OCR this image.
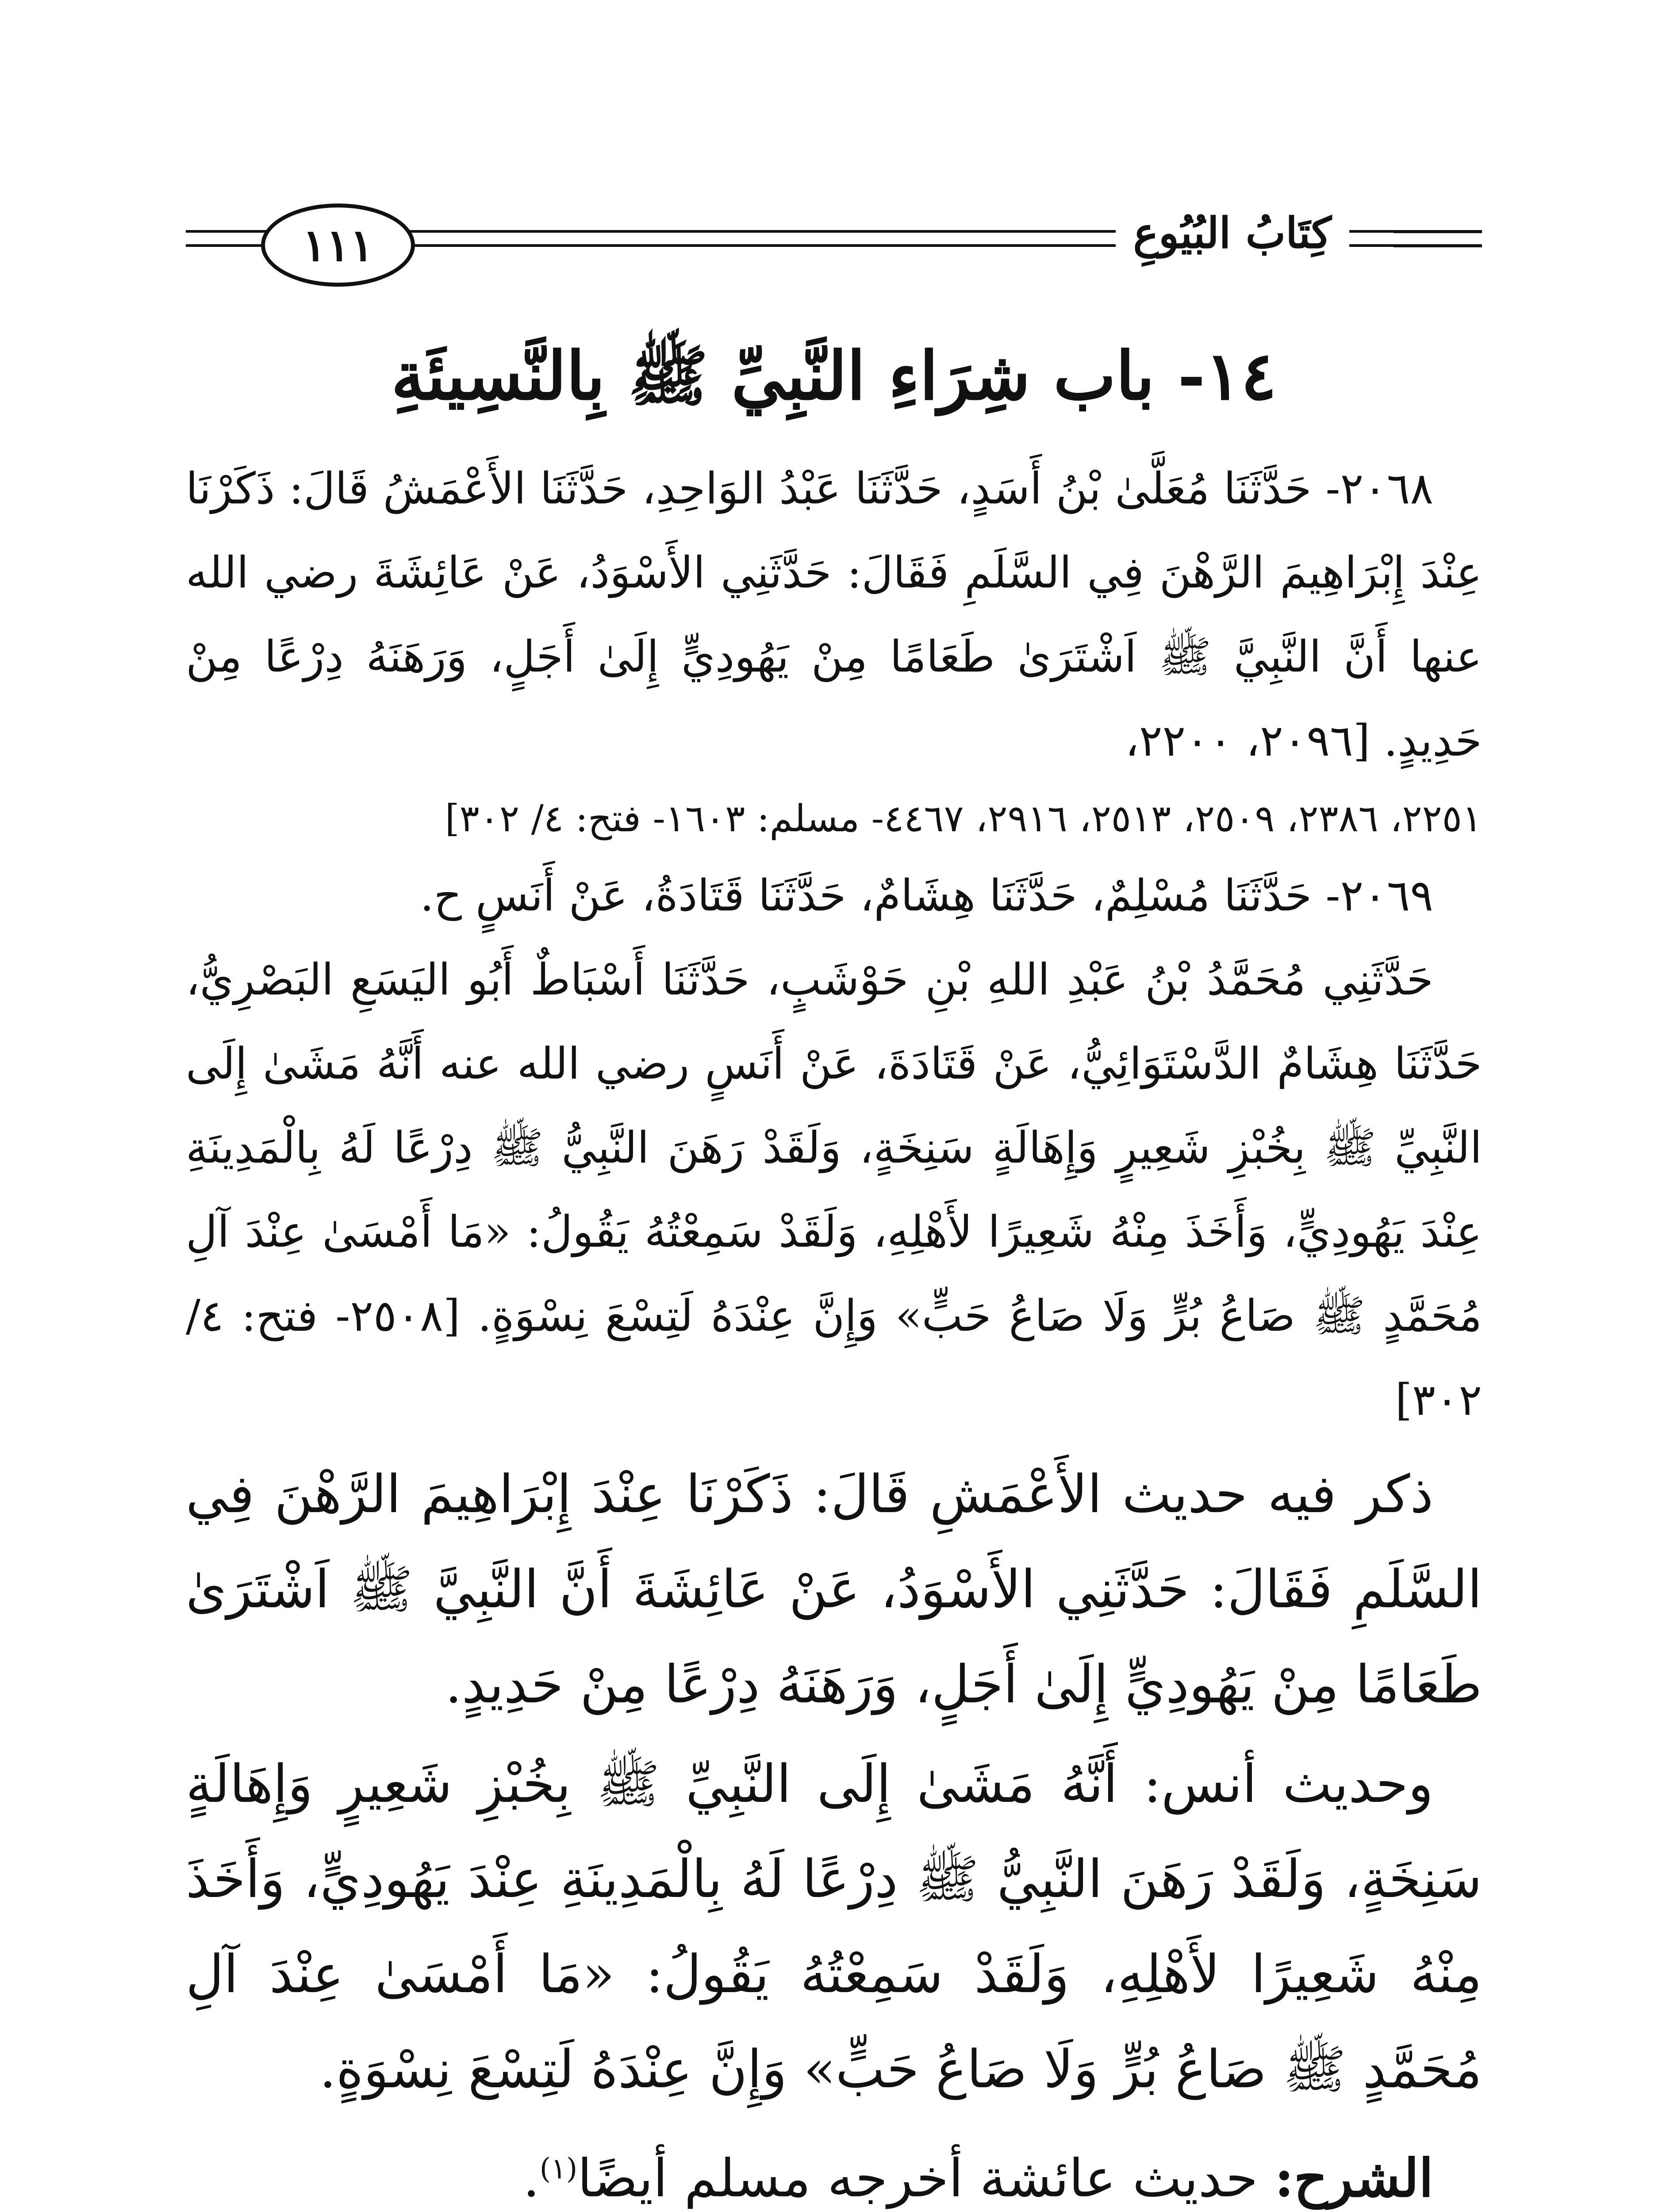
كِتَابُ البُيُوعِ
١١١
١٤- باب شِرَاءِ النَّبِيِّ ﷺ بِالنَّسِيئَةِ

٢٠٦٨- حَدَّثَنَا مُعَلَّىٰ بْنُ أَسَدٍ، حَدَّثَنَا عَبْدُ الوَاحِدِ، حَدَّثَنَا الأَعْمَشُ قَالَ: ذَكَرْنَا عِنْدَ إِبْرَاهِيمَ الرَّهْنَ فِي السَّلَمِ فَقَالَ: حَدَّثَنِي الأَسْوَدُ، عَنْ عَائِشَةَ رضي الله عنها أَنَّ النَّبِيَّ ﷺ اَشْتَرَىٰ طَعَامًا مِنْ يَهُودِيٍّ إِلَىٰ أَجَلٍ، وَرَهَنَهُ دِرْعًا مِنْ حَدِيدٍ. [٢٠٩٦، ٢٢٠٠،

٢٢٥١، ٢٣٨٦، ٢٥٠٩، ٢٥١٣، ٢٩١٦، ٤٤٦٧- مسلم: ١٦٠٣- فتح: ٤/ ٣٠٢]

٢٠٦٩- حَدَّثَنَا مُسْلِمٌ، حَدَّثَنَا هِشَامٌ، حَدَّثَنَا قَتَادَةُ، عَنْ أَنَسٍ ح.

حَدَّثَنِي مُحَمَّدُ بْنُ عَبْدِ اللهِ بْنِ حَوْشَبٍ، حَدَّثَنَا أَسْبَاطٌ أَبُو اليَسَعِ البَصْرِيُّ، حَدَّثَنَا هِشَامٌ الدَّسْتَوَائِيُّ، عَنْ قَتَادَةَ، عَنْ أَنَسٍ رضي الله عنه أَنَّهُ مَشَىٰ إِلَى النَّبِيِّ ﷺ بِخُبْزِ شَعِيرٍ وَإِهَالَةٍ سَنِخَةٍ، وَلَقَدْ رَهَنَ النَّبِيُّ ﷺ دِرْعًا لَهُ بِالْمَدِينَةِ عِنْدَ يَهُودِيٍّ، وَأَخَذَ مِنْهُ شَعِيرًا لأَهْلِهِ، وَلَقَدْ سَمِعْتُهُ يَقُولُ: «مَا أَمْسَىٰ عِنْدَ آلِ مُحَمَّدٍ ﷺ صَاعُ بُرٍّ وَلَا صَاعُ حَبٍّ» وَإِنَّ عِنْدَهُ لَتِسْعَ نِسْوَةٍ. [٢٥٠٨- فتح: ٤/ ٣٠٢]

ذكر فيه حديث الأَعْمَشِ قَالَ: ذَكَرْنَا عِنْدَ إِبْرَاهِيمَ الرَّهْنَ فِي السَّلَمِ فَقَالَ: حَدَّثَنِي الأَسْوَدُ، عَنْ عَائِشَةَ أَنَّ النَّبِيَّ ﷺ اَشْتَرَىٰ طَعَامًا مِنْ يَهُودِيٍّ إِلَىٰ أَجَلٍ، وَرَهَنَهُ دِرْعًا مِنْ حَدِيدٍ.

وحديث أنس: أَنَّهُ مَشَىٰ إِلَى النَّبِيِّ ﷺ بِخُبْزِ شَعِيرٍ وَإِهَالَةٍ سَنِخَةٍ، وَلَقَدْ رَهَنَ النَّبِيُّ ﷺ دِرْعًا لَهُ بِالْمَدِينَةِ عِنْدَ يَهُودِيٍّ، وَأَخَذَ مِنْهُ شَعِيرًا لأَهْلِهِ، وَلَقَدْ سَمِعْتُهُ يَقُولُ: «مَا أَمْسَىٰ عِنْدَ آلِ مُحَمَّدٍ ﷺ صَاعُ بُرٍّ وَلَا صَاعُ حَبٍّ» وَإِنَّ عِنْدَهُ لَتِسْعَ نِسْوَةٍ.

الشرح: حديث عائشة أخرجه مسلم أيضًا$^{(١)}$.
